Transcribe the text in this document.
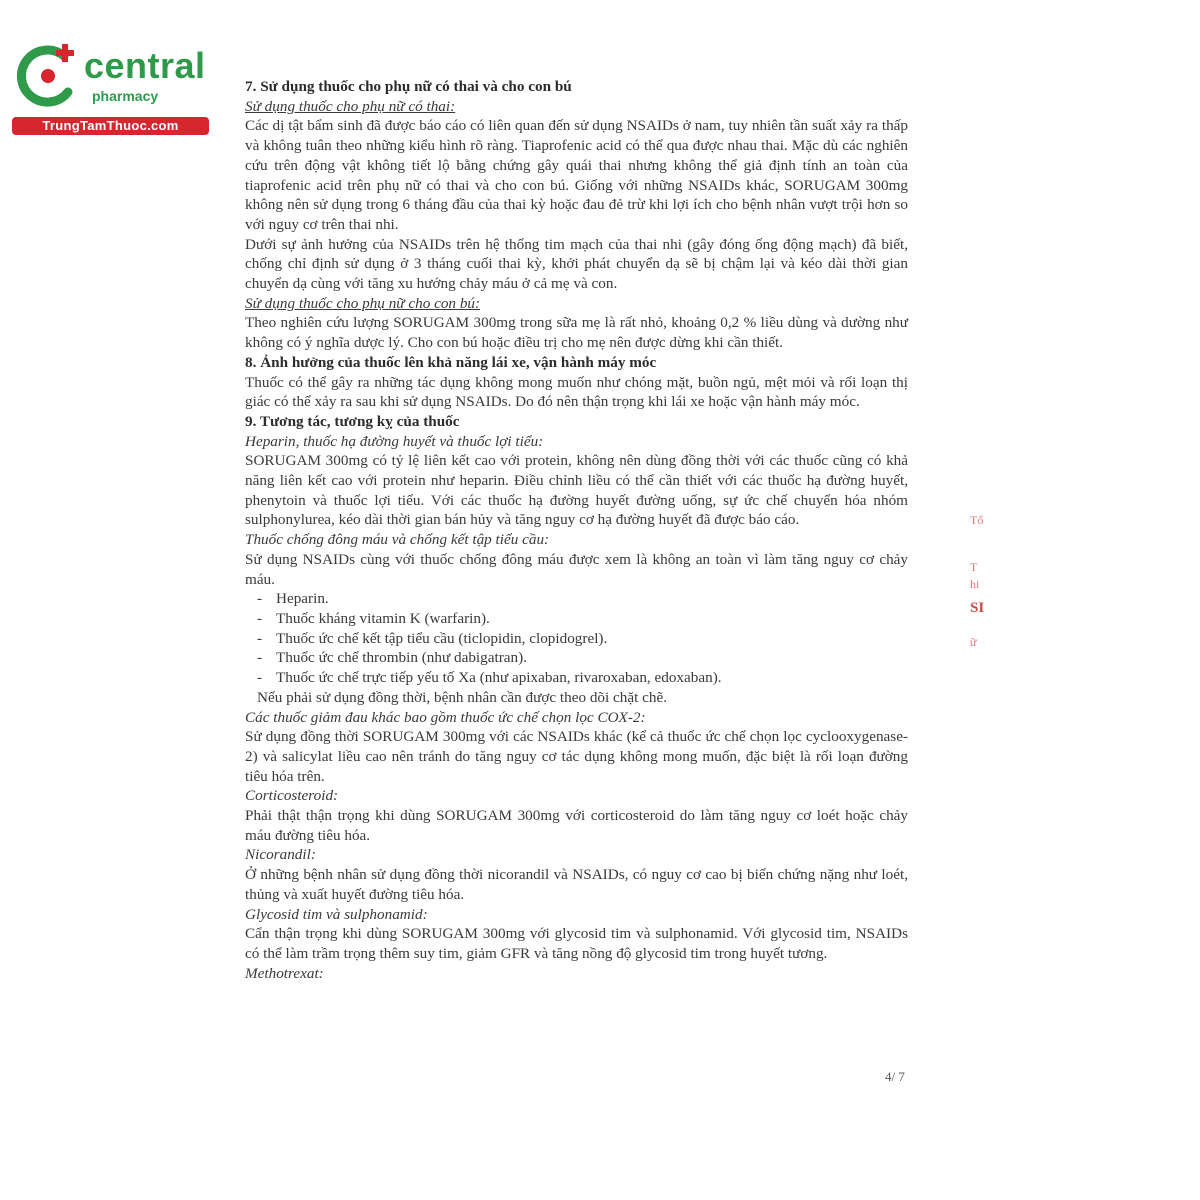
central
pharmacy
TrungTamThuoc.com

7. Sử dụng thuốc cho phụ nữ có thai và cho con bú

Sử dụng thuốc cho phụ nữ có thai:

Các dị tật bẩm sinh đã được báo cáo có liên quan đến sử dụng NSAIDs ở nam, tuy nhiên tần suất xảy ra thấp và không tuân theo những kiểu hình rõ ràng. Tiaprofenic acid có thể qua được nhau thai. Mặc dù các nghiên cứu trên động vật không tiết lộ bằng chứng gây quái thai nhưng không thể giả định tính an toàn của tiaprofenic acid trên phụ nữ có thai và cho con bú. Giống với những NSAIDs khác, SORUGAM 300mg không nên sử dụng trong 6 tháng đầu của thai kỳ hoặc đau đẻ trừ khi lợi ích cho bệnh nhân vượt trội hơn so với nguy cơ trên thai nhi.

Dưới sự ảnh hưởng của NSAIDs trên hệ thống tim mạch của thai nhi (gây đóng ống động mạch) đã biết, chống chỉ định sử dụng ở 3 tháng cuối thai kỳ, khởi phát chuyển dạ sẽ bị chậm lại và kéo dài thời gian chuyển dạ cùng với tăng xu hướng chảy máu ở cả mẹ và con.

Sử dụng thuốc cho phụ nữ cho con bú:

Theo nghiên cứu lượng SORUGAM 300mg trong sữa mẹ là rất nhỏ, khoảng 0,2 % liều dùng và dường như không có ý nghĩa dược lý. Cho con bú hoặc điều trị cho mẹ nên được dừng khi cần thiết.

8. Ảnh hưởng của thuốc lên khả năng lái xe, vận hành máy móc

Thuốc có thể gây ra những tác dụng không mong muốn như chóng mặt, buồn ngủ, mệt mỏi và rối loạn thị giác có thể xảy ra sau khi sử dụng NSAIDs. Do đó nên thận trọng khi lái xe hoặc vận hành máy móc.

9. Tương tác, tương kỵ của thuốc

Heparin, thuốc hạ đường huyết và thuốc lợi tiểu:

SORUGAM 300mg có tỷ lệ liên kết cao với protein, không nên dùng đồng thời với các thuốc cũng có khả năng liên kết cao với protein như heparin. Điều chỉnh liều có thể cần thiết với các thuốc hạ đường huyết, phenytoin và thuốc lợi tiểu. Với các thuốc hạ đường huyết đường uống, sự ức chế chuyển hóa nhóm sulphonylurea, kéo dài thời gian bán hủy và tăng nguy cơ hạ đường huyết đã được báo cáo.

Thuốc chống đông máu và chống kết tập tiểu cầu:

Sử dụng NSAIDs cùng với thuốc chống đông máu được xem là không an toàn vì làm tăng nguy cơ chảy máu.

- Heparin.
- Thuốc kháng vitamin K (warfarin).
- Thuốc ức chế kết tập tiểu cầu (ticlopidin, clopidogrel).
- Thuốc ức chế thrombin (như dabigatran).
- Thuốc ức chế trực tiếp yếu tố Xa (như apixaban, rivaroxaban, edoxaban).

Nếu phải sử dụng đồng thời, bệnh nhân cần được theo dõi chặt chẽ.

Các thuốc giảm đau khác bao gồm thuốc ức chế chọn lọc COX-2:

Sử dụng đồng thời SORUGAM 300mg với các NSAIDs khác (kể cả thuốc ức chế chọn lọc cyclooxygenase-2) và salicylat liều cao nên tránh do tăng nguy cơ tác dụng không mong muốn, đặc biệt là rối loạn đường tiêu hóa trên.

Corticosteroid:

Phải thật thận trọng khi dùng SORUGAM 300mg với corticosteroid do làm tăng nguy cơ loét hoặc chảy máu đường tiêu hóa.

Nicorandil:

Ở những bệnh nhân sử dụng đồng thời nicorandil và NSAIDs, có nguy cơ cao bị biến chứng nặng như loét, thủng và xuất huyết đường tiêu hóa.

Glycosid tim và sulphonamid:

Cẩn thận trọng khi dùng SORUGAM 300mg với glycosid tim và sulphonamid. Với glycosid tim, NSAIDs có thể làm trầm trọng thêm suy tim, giảm GFR và tăng nồng độ glycosid tim trong huyết tương.

Methotrexat:

Tổ
T
hi
SI
ữ
4/ 7
